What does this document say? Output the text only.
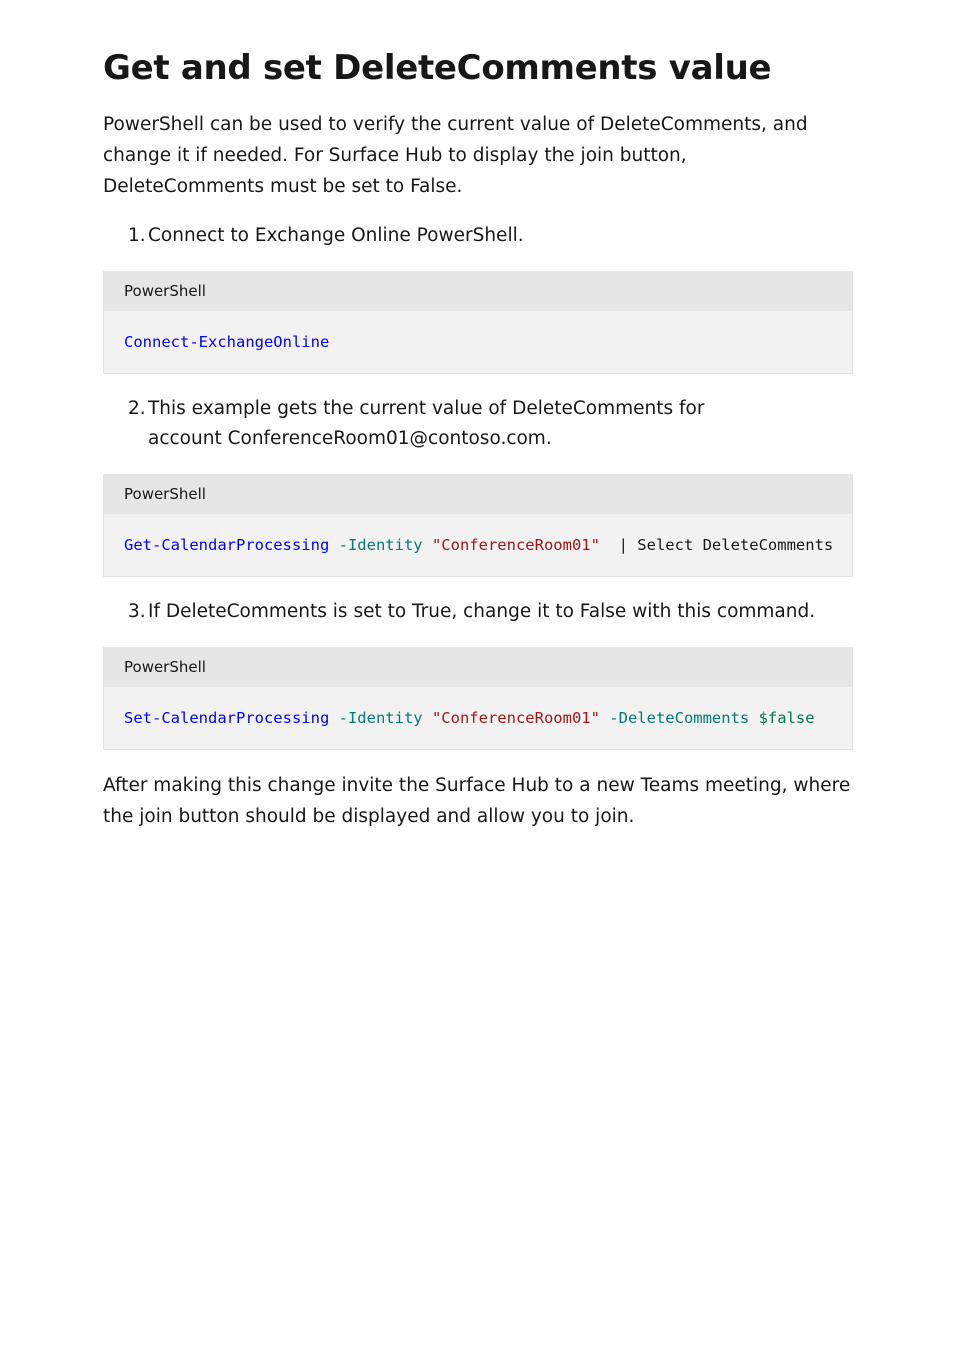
Get and set DeleteComments value

PowerShell can be used to verify the current value of DeleteComments, and change it if needed. For Surface Hub to display the join button, DeleteComments must be set to False.

1. Connect to Exchange Online PowerShell.
PowerShell
Connect-ExchangeOnline
2. This example gets the current value of DeleteComments for account ConferenceRoom01@contoso.com.
PowerShell
Get-CalendarProcessing -Identity "ConferenceRoom01"  | Select DeleteComments
3. If DeleteComments is set to True, change it to False with this command.
PowerShell
Set-CalendarProcessing -Identity "ConferenceRoom01" -DeleteComments $false

After making this change invite the Surface Hub to a new Teams meeting, where the join button should be displayed and allow you to join.
